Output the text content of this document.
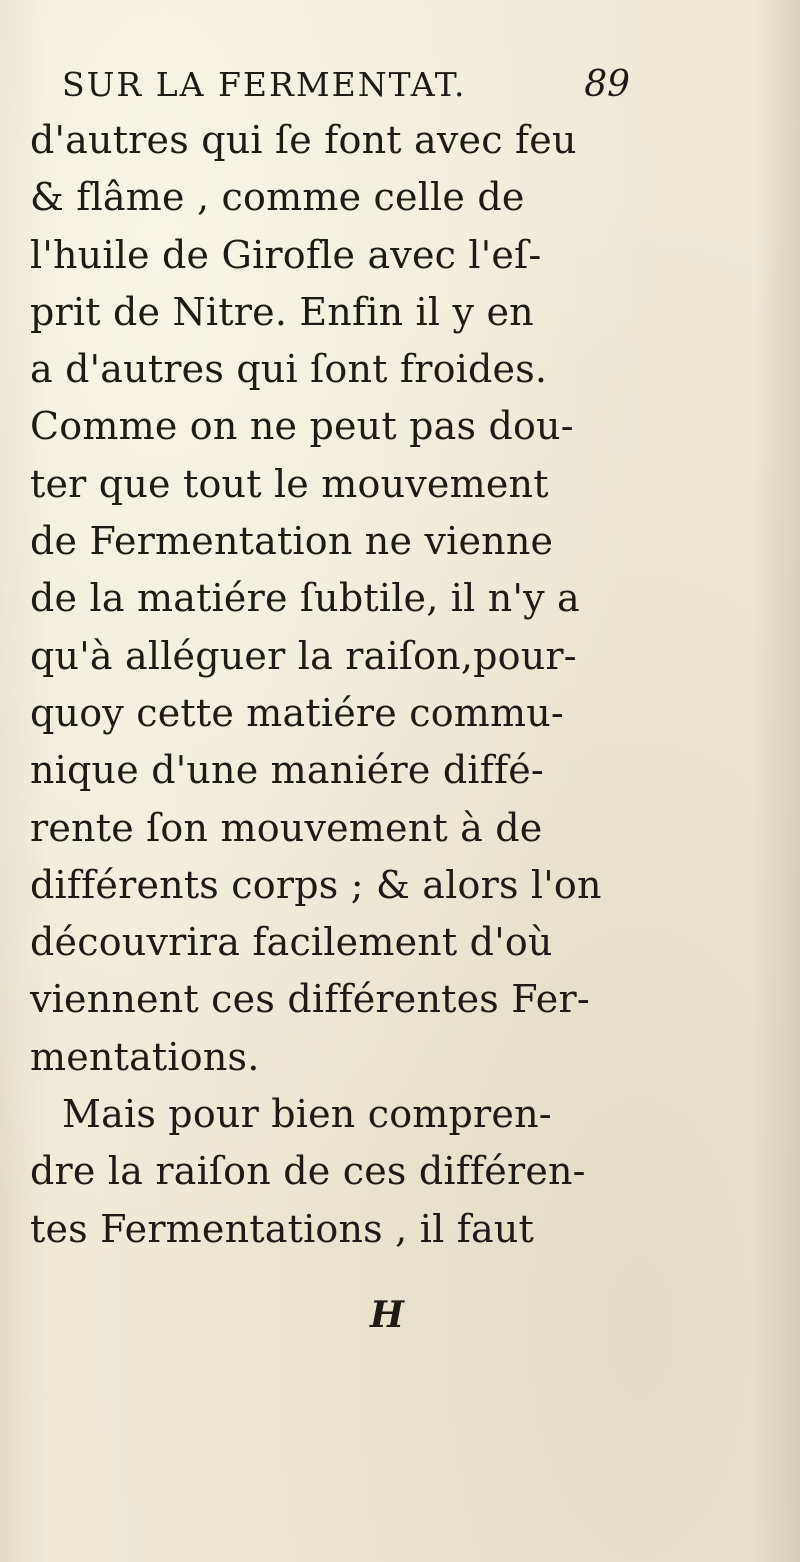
SUR LA FERMENTAT.	89
d'autres qui ſe font avec feu
& flâme , comme celle de
l'huile de Girofle avec l'eſ-
prit de Nitre. Enfin il y en
a d'autres qui ſont froides.
Comme on ne peut pas dou-
ter que tout le mouvement
de Fermentation ne vienne
de la matiére ſubtile, il n'y a
qu'à alléguer la raiſon,pour-
quoy cette matiére commu-
nique d'une maniére diffé-
rente ſon mouvement à de
différents corps ; & alors l'on
découvrira facilement d'où
viennent ces différentes Fer-
mentations.
Mais pour bien compren-
dre la raiſon de ces différen-
tes Fermentations , il faut
H
